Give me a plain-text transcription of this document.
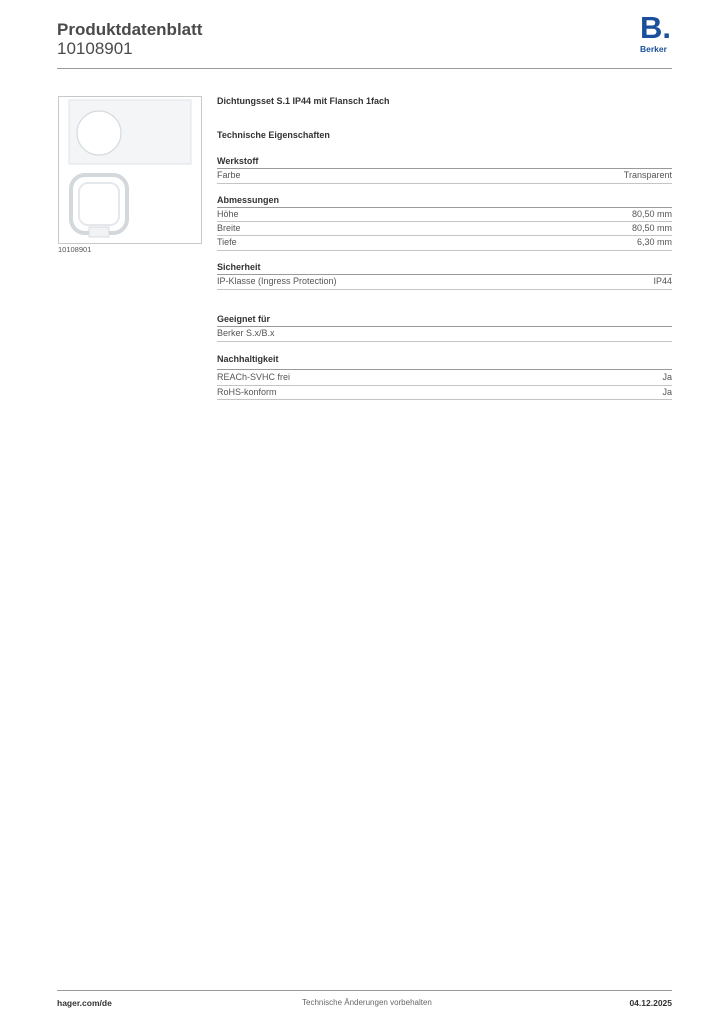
Produktdatenblatt
10108901
B.
Berker
10108901
Dichtungsset S.1 IP44 mit Flansch 1fach
Technische Eigenschaften
Werkstoff
Farbe	Transparent
Abmessungen
Höhe	80,50 mm
Breite	80,50 mm
Tiefe	6,30 mm
Sicherheit
IP-Klasse (Ingress Protection)	IP44
Geeignet für
Berker S.x/B.x
Nachhaltigkeit
REACh-SVHC frei	Ja
RoHS-konform	Ja
hager.com/de	Technische Änderungen vorbehalten	04.12.2025
